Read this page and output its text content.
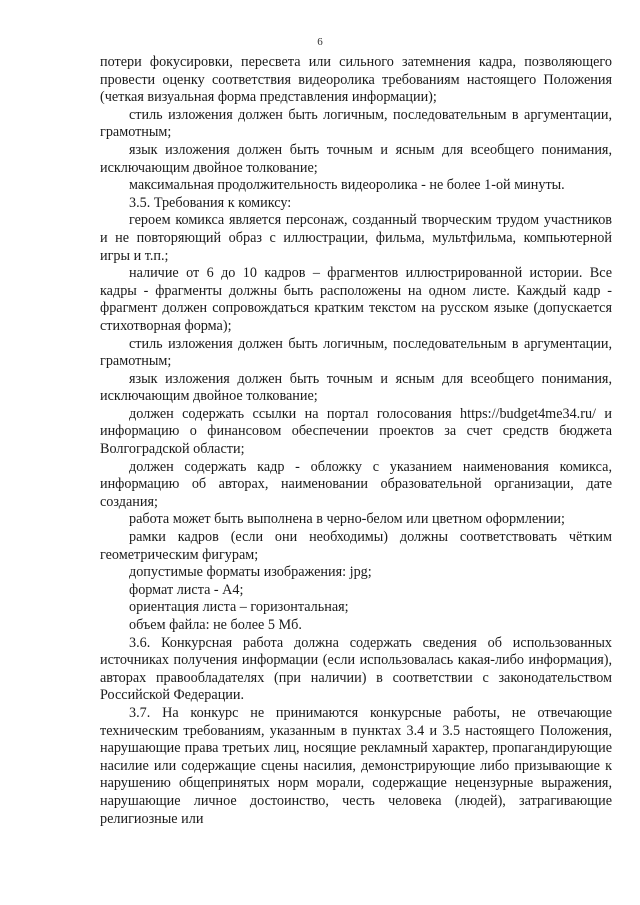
6

потери фокусировки, пересвета или сильного затемнения кадра, позволяющего провести оценку соответствия видеоролика требованиям настоящего Положения (четкая визуальная форма представления информации);

стиль изложения должен быть логичным, последовательным в аргументации, грамотным;

язык изложения должен быть точным и ясным для всеобщего понимания, исключающим двойное толкование;

максимальная продолжительность видеоролика - не более 1-ой минуты.

3.5. Требования к комиксу:

героем комикса является персонаж, созданный творческим трудом участников и не повторяющий образ с иллюстрации, фильма, мультфильма, компьютерной игры и т.п.;

наличие от 6 до 10 кадров – фрагментов иллюстрированной истории. Все кадры - фрагменты должны быть расположены на одном листе. Каждый кадр - фрагмент должен сопровождаться кратким текстом на русском языке (допускается стихотворная форма);

стиль изложения должен быть логичным, последовательным в аргументации, грамотным;

язык изложения должен быть точным и ясным для всеобщего понимания, исключающим двойное толкование;

должен содержать ссылки на портал голосования https://budget4me34.ru/ и информацию о финансовом обеспечении проектов за счет средств бюджета Волгоградской области;

должен содержать кадр - обложку с указанием наименования комикса, информацию об авторах, наименовании образовательной организации, дате создания;

работа может быть выполнена в черно-белом или цветном оформлении;

рамки кадров (если они необходимы) должны соответствовать чётким геометрическим фигурам;

допустимые форматы изображения: jpg;

формат листа - А4;

ориентация листа – горизонтальная;

объем файла: не более 5 Мб.

3.6. Конкурсная работа должна содержать сведения об использованных источниках получения информации (если использовалась какая-либо информация), авторах правообладателях (при наличии) в соответствии с законодательством Российской Федерации.

3.7. На конкурс не принимаются конкурсные работы, не отвечающие техническим требованиям, указанным в пунктах 3.4 и 3.5 настоящего Положения, нарушающие права третьих лиц, носящие рекламный характер, пропагандирующие насилие или содержащие сцены насилия, демонстрирующие либо призывающие к нарушению общепринятых норм морали, содержащие нецензурные выражения, нарушающие личное достоинство, честь человека (людей), затрагивающие религиозные или
